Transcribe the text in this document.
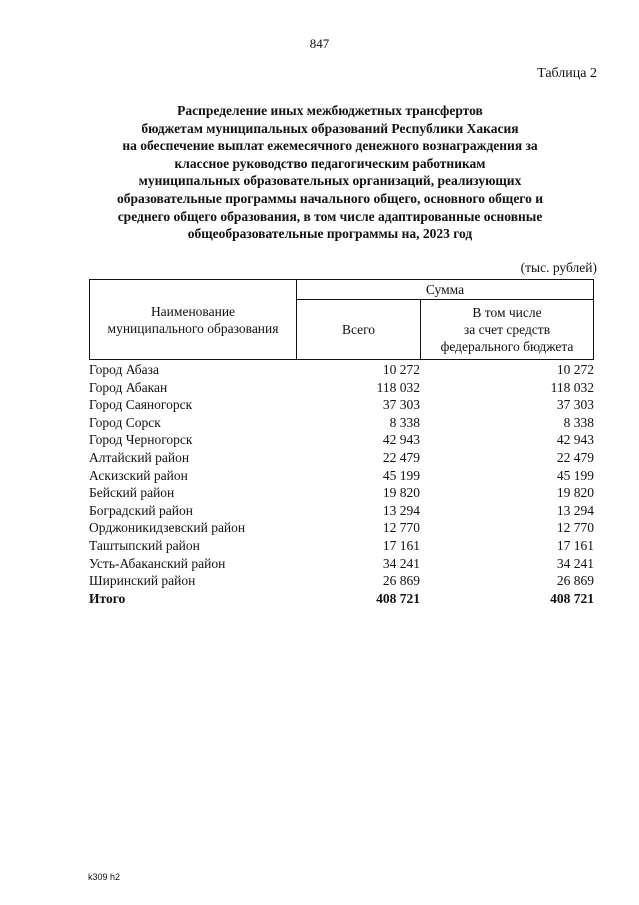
847
Таблица 2
Распределение иных межбюджетных трансфертов
бюджетам муниципальных образований Республики Хакасия
на обеспечение выплат ежемесячного денежного вознаграждения за
классное руководство педагогическим работникам
муниципальных образовательных организаций, реализующих
образовательные программы начального общего, основного общего и
среднего общего образования, в том числе адаптированные основные
общеобразовательные программы на, 2023 год
(тыс. рублей)
Наименование
муниципального образования
Сумма
Всего
В том числе
за счет средств
федерального бюджета
Город Абаза	10 272	10 272
Город Абакан	118 032	118 032
Город Саяногорск	37 303	37 303
Город Сорск	8 338	8 338
Город Черногорск	42 943	42 943
Алтайский район	22 479	22 479
Аскизский район	45 199	45 199
Бейский район	19 820	19 820
Боградский район	13 294	13 294
Орджоникидзевский район	12 770	12 770
Таштыпский район	17 161	17 161
Усть-Абаканский район	34 241	34 241
Ширинский район	26 869	26 869
Итого	408 721	408 721
k309 h2
